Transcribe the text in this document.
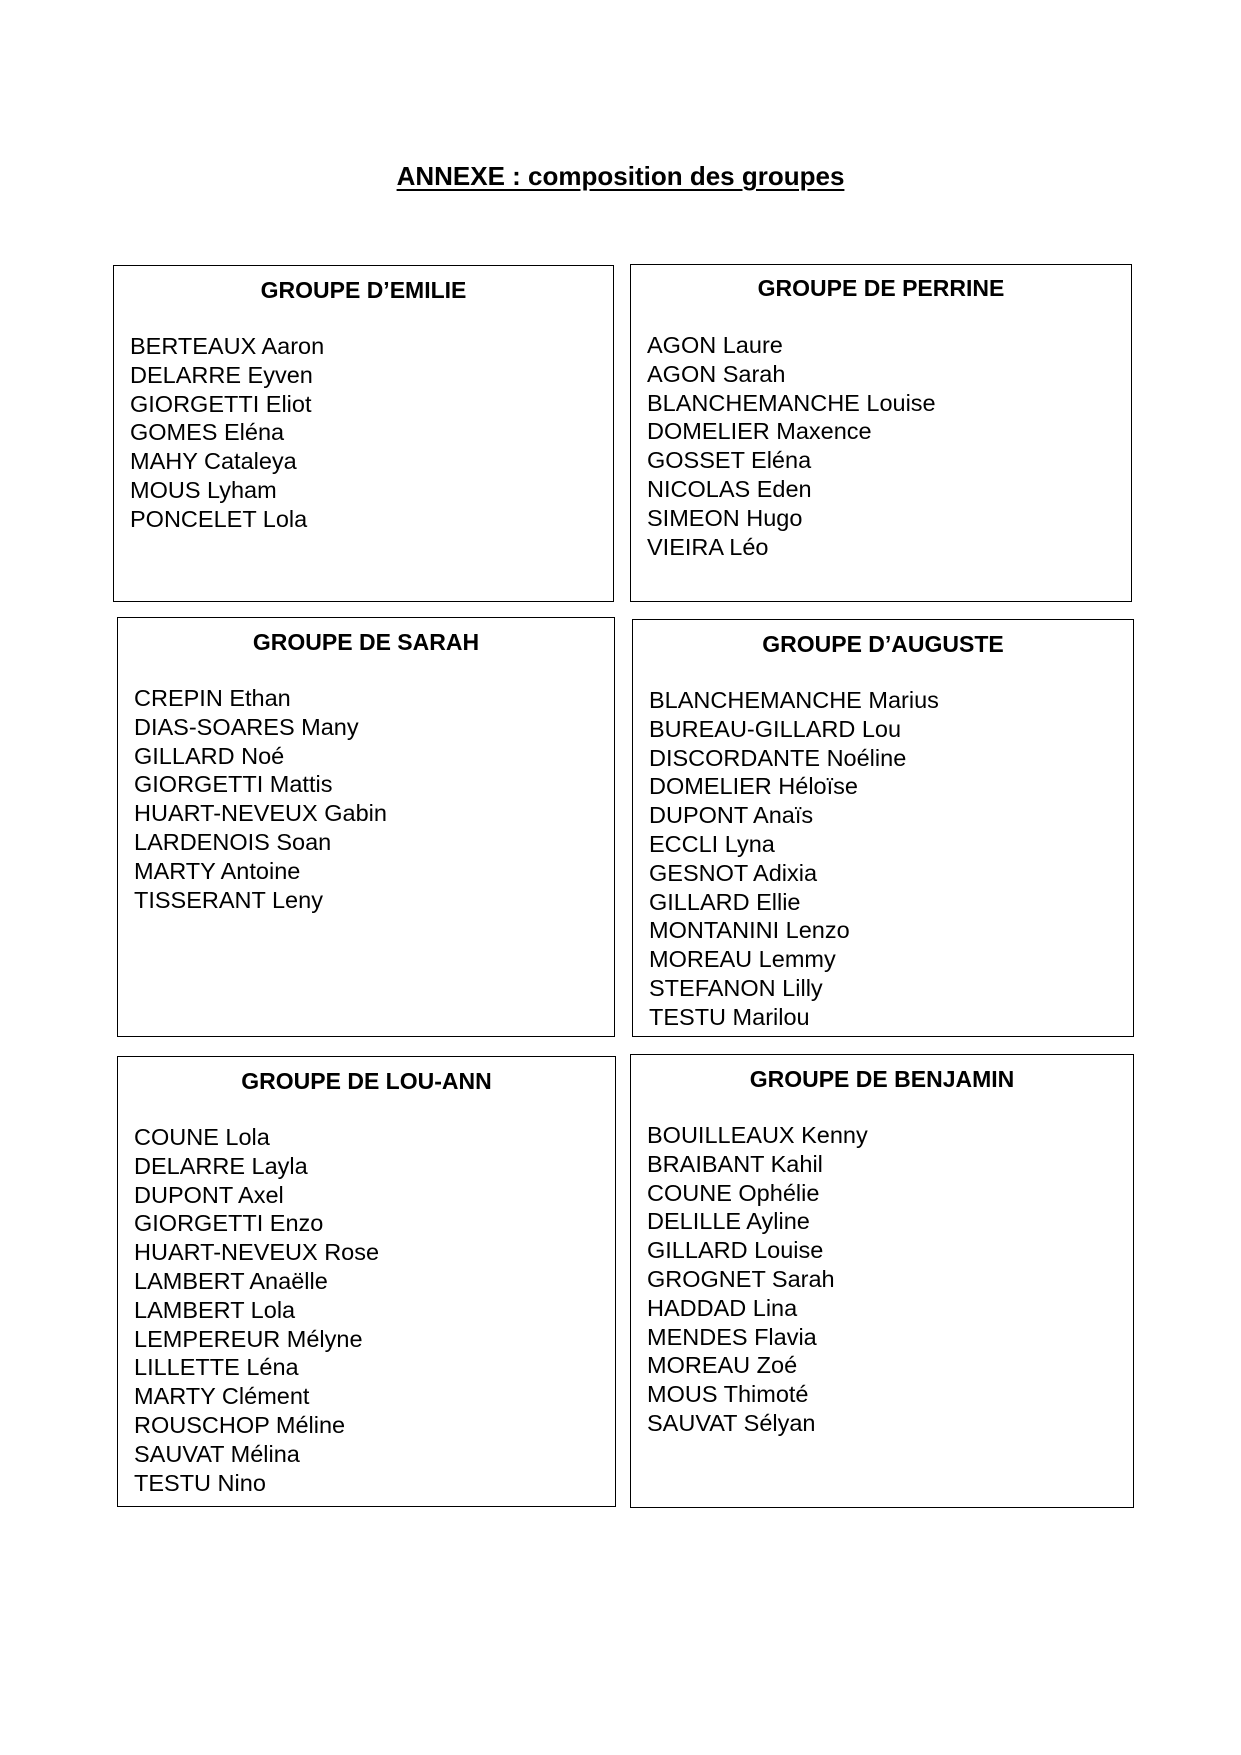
ANNEXE : composition des groupes
GROUPE D’EMILIE
BERTEAUX Aaron
DELARRE Eyven
GIORGETTI Eliot
GOMES Eléna
MAHY Cataleya
MOUS Lyham
PONCELET Lola
GROUPE DE PERRINE
AGON Laure
AGON Sarah
BLANCHEMANCHE Louise
DOMELIER Maxence
GOSSET Eléna
NICOLAS Eden
SIMEON Hugo
VIEIRA Léo
GROUPE DE SARAH
CREPIN Ethan
DIAS-SOARES Many
GILLARD Noé
GIORGETTI Mattis
HUART-NEVEUX Gabin
LARDENOIS Soan
MARTY Antoine
TISSERANT Leny
GROUPE D’AUGUSTE
BLANCHEMANCHE Marius
BUREAU-GILLARD Lou
DISCORDANTE Noéline
DOMELIER Héloïse
DUPONT Anaïs
ECCLI Lyna
GESNOT Adixia
GILLARD Ellie
MONTANINI Lenzo
MOREAU Lemmy
STEFANON Lilly
TESTU Marilou
GROUPE DE LOU-ANN
COUNE Lola
DELARRE Layla
DUPONT Axel
GIORGETTI Enzo
HUART-NEVEUX Rose
LAMBERT Anaëlle
LAMBERT Lola
LEMPEREUR Mélyne
LILLETTE Léna
MARTY Clément
ROUSCHOP Méline
SAUVAT Mélina
TESTU Nino
GROUPE DE BENJAMIN
BOUILLEAUX Kenny
BRAIBANT Kahil
COUNE Ophélie
DELILLE Ayline
GILLARD Louise
GROGNET Sarah
HADDAD Lina
MENDES Flavia
MOREAU Zoé
MOUS Thimoté
SAUVAT Sélyan
